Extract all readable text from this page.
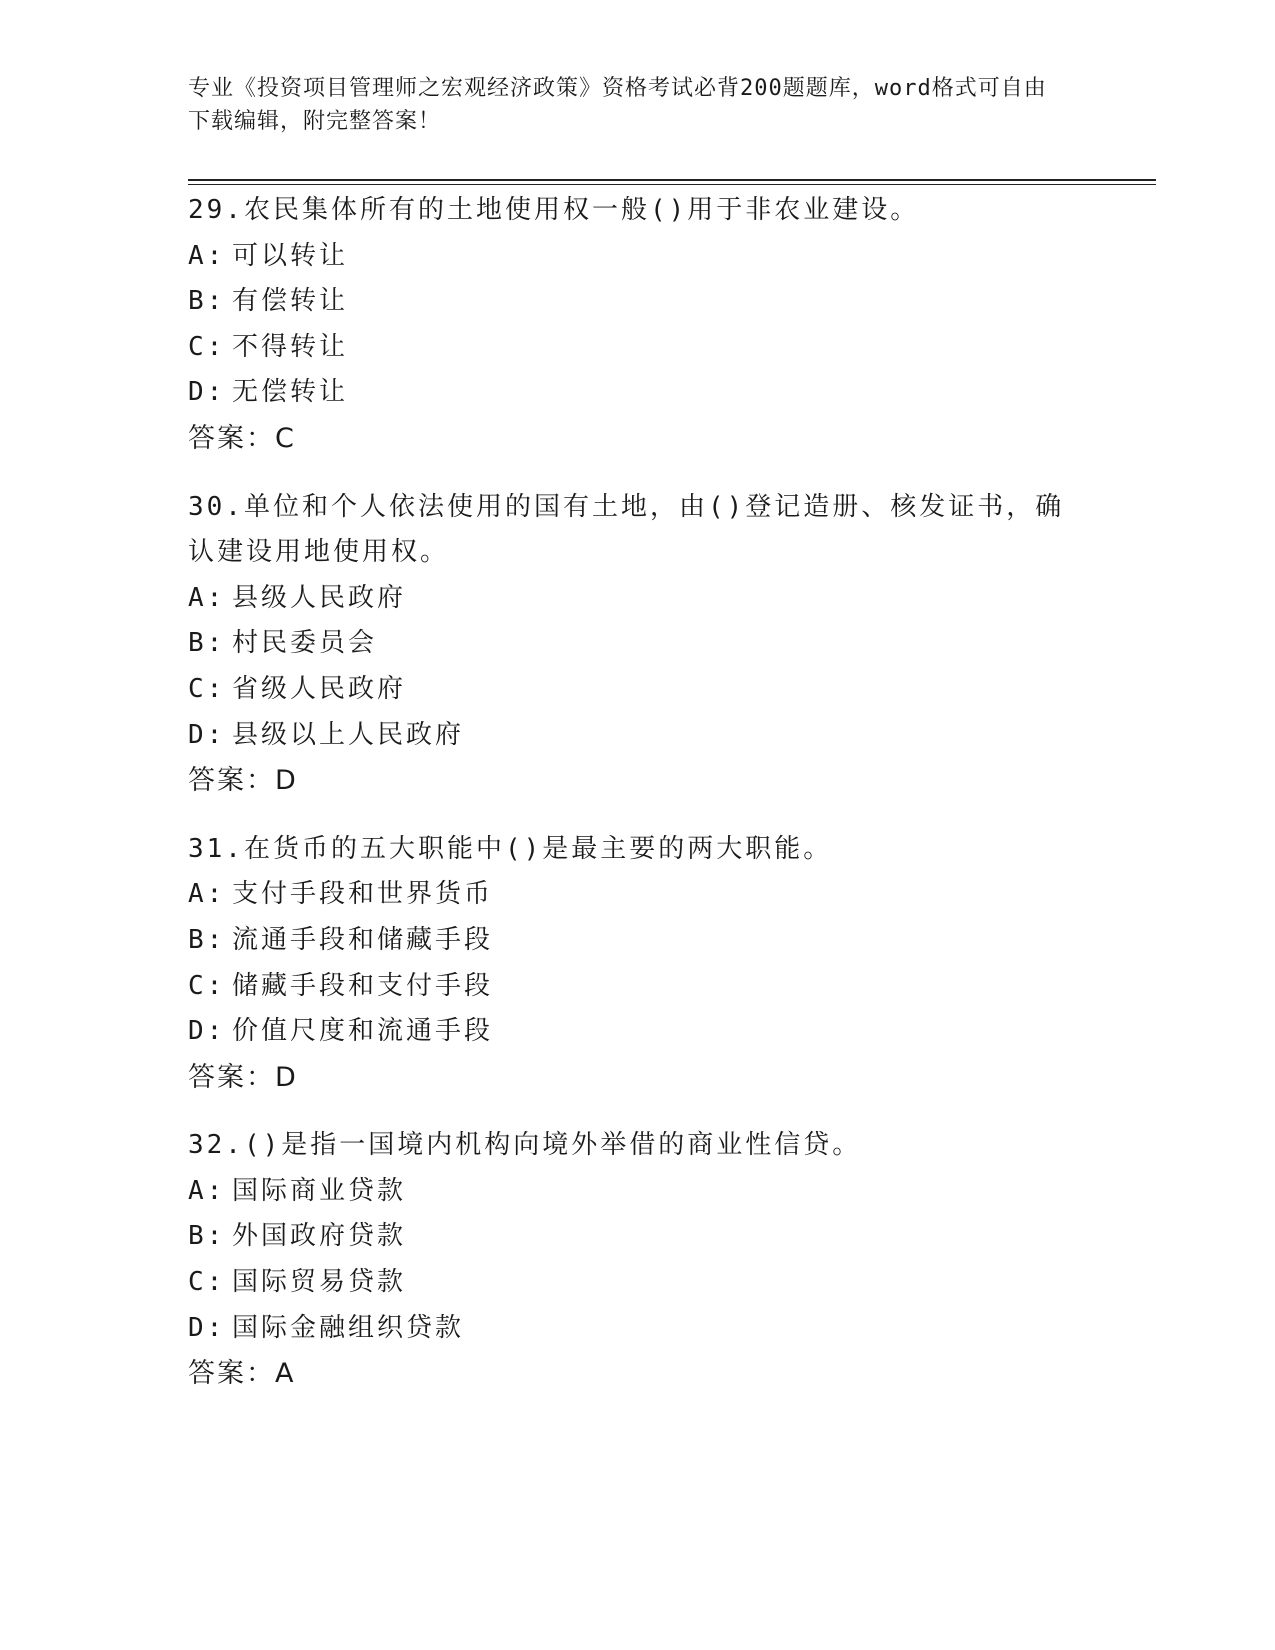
专业《投资项目管理师之宏观经济政策》资格考试必背200题题库，word格式可自由下载编辑，附完整答案！
29.农民集体所有的土地使用权一般()用于非农业建设。
A: 可以转让
B: 有偿转让
C: 不得转让
D: 无偿转让
答案：C
30.单位和个人依法使用的国有土地，由()登记造册、核发证书，确认建设用地使用权。
A: 县级人民政府
B: 村民委员会
C: 省级人民政府
D: 县级以上人民政府
答案：D
31.在货币的五大职能中()是最主要的两大职能。
A: 支付手段和世界货币
B: 流通手段和储藏手段
C: 储藏手段和支付手段
D: 价值尺度和流通手段
答案：D
32.()是指一国境内机构向境外举借的商业性信贷。
A: 国际商业贷款
B: 外国政府贷款
C: 国际贸易贷款
D: 国际金融组织贷款
答案：A
